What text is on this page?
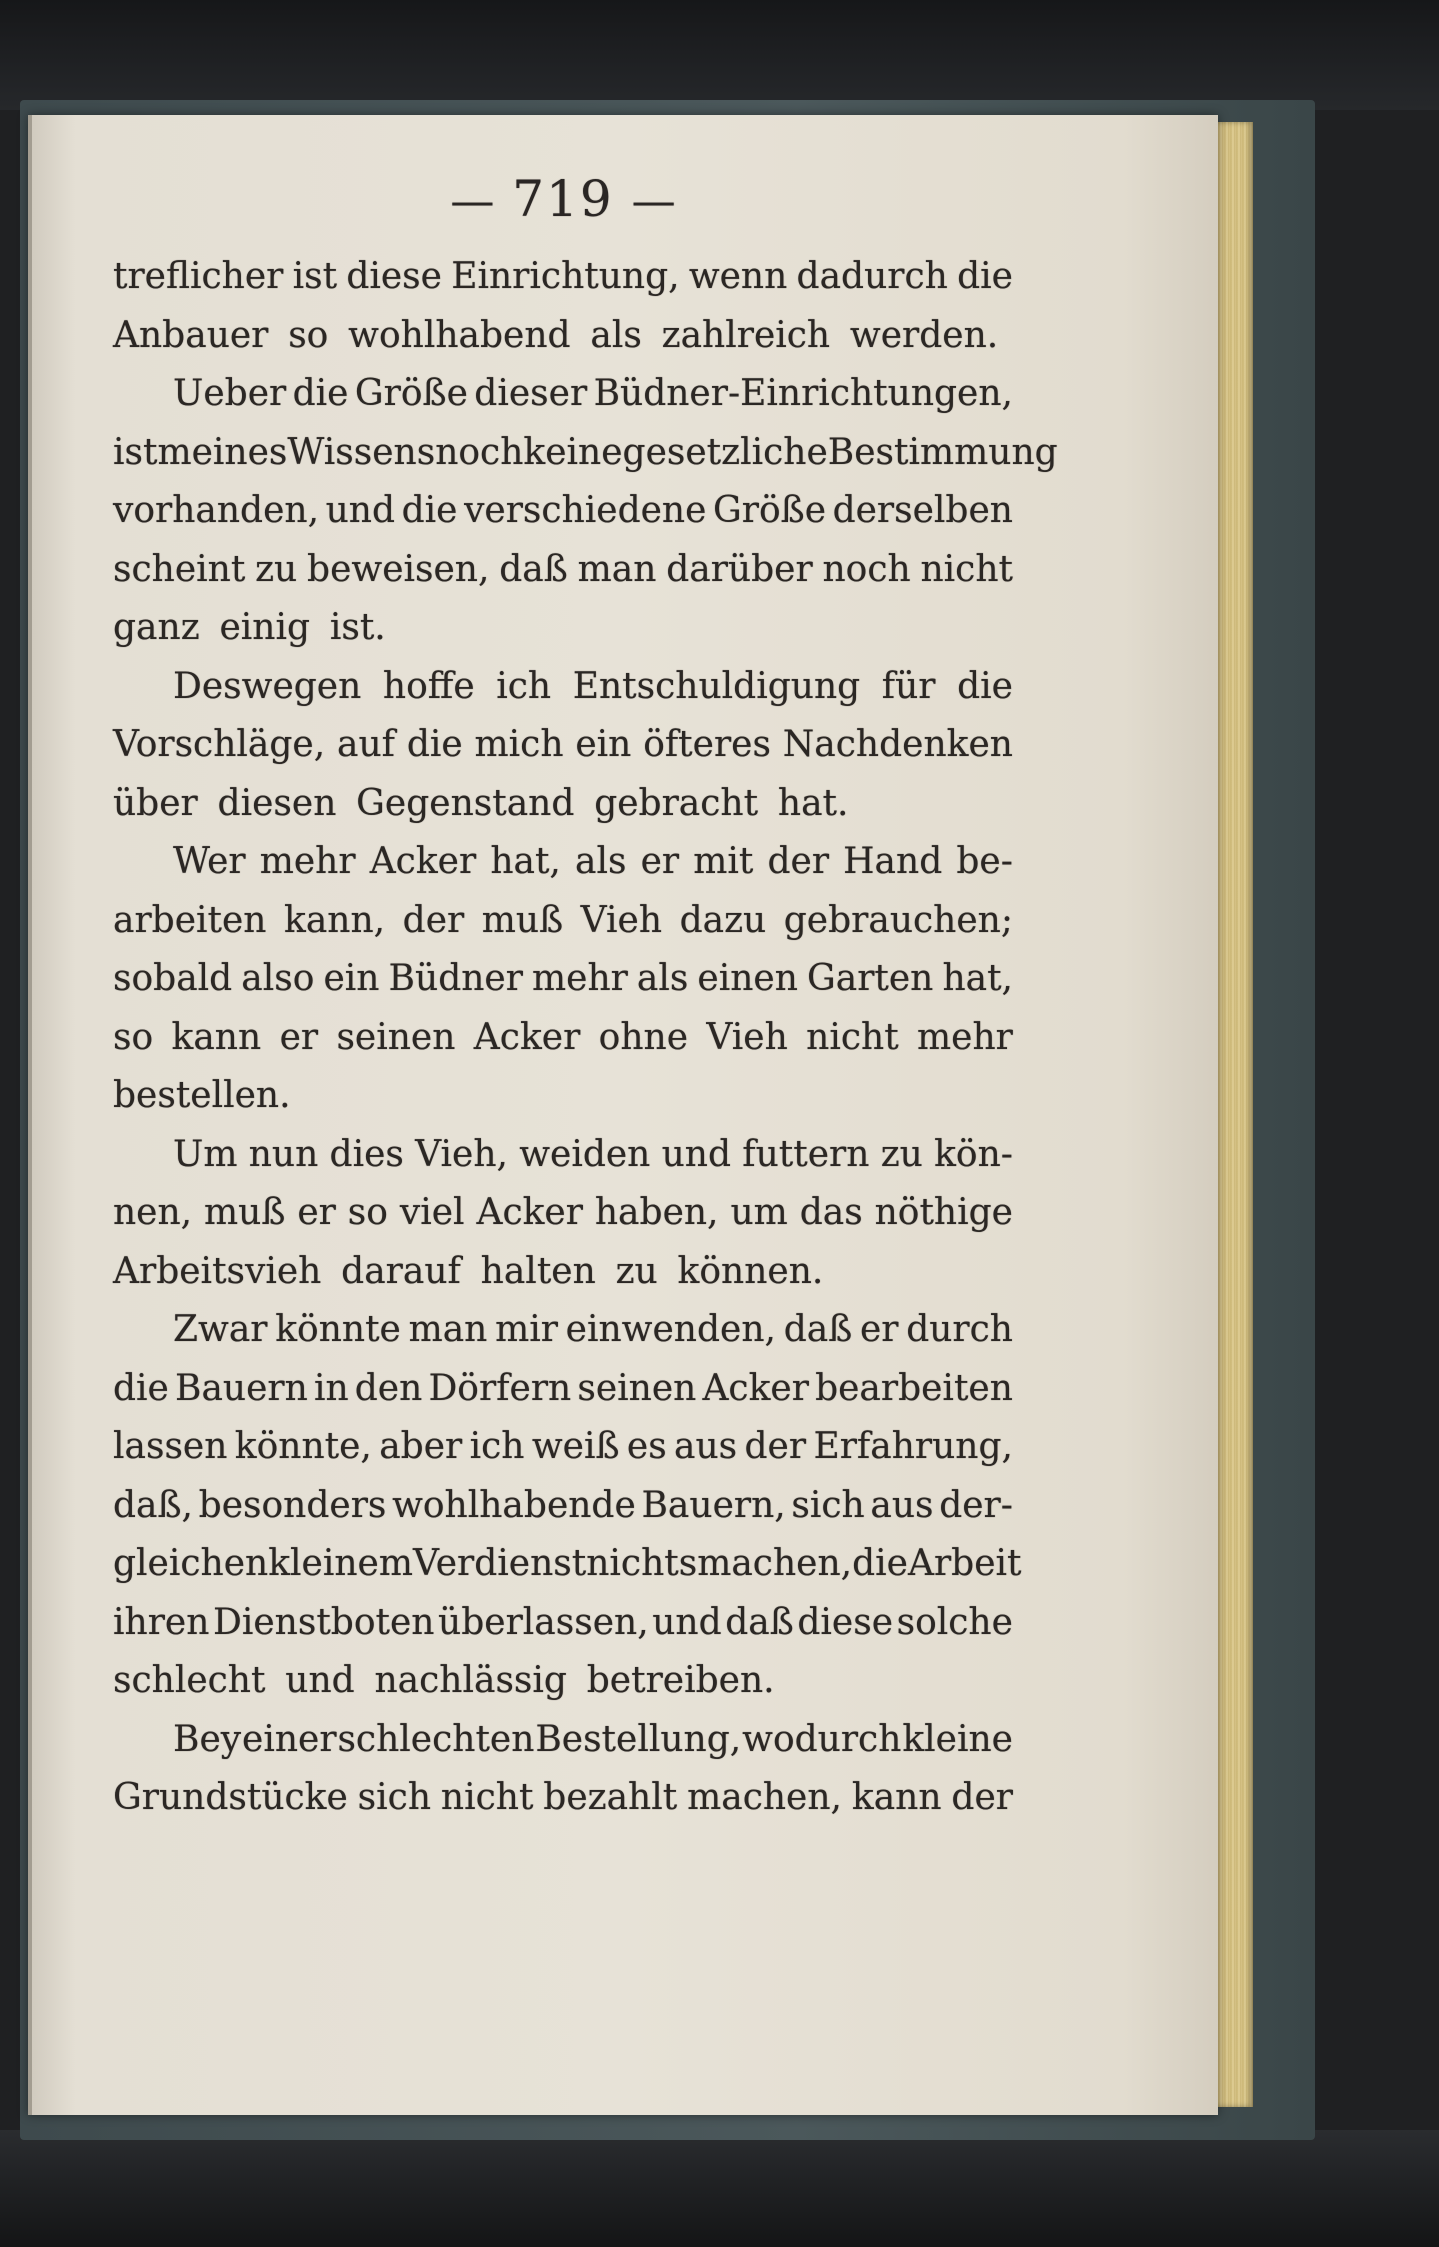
— 719 —
treflicher ist diese Einrichtung, wenn dadurch die
Anbauer so wohlhabend als zahlreich werden.
Ueber die Größe dieser Büdner-Einrichtungen,
ist meines Wissens noch keine gesetzliche Bestimmung
vorhanden, und die verschiedene Größe derselben
scheint zu beweisen, daß man darüber noch nicht
ganz einig ist.
Deswegen hoffe ich Entschuldigung für die
Vorschläge, auf die mich ein öfteres Nachdenken
über diesen Gegenstand gebracht hat.
Wer mehr Acker hat, als er mit der Hand be-
arbeiten kann, der muß Vieh dazu gebrauchen;
sobald also ein Büdner mehr als einen Garten hat,
so kann er seinen Acker ohne Vieh nicht mehr
bestellen.
Um nun dies Vieh, weiden und futtern zu kön-
nen, muß er so viel Acker haben, um das nöthige
Arbeitsvieh darauf halten zu können.
Zwar könnte man mir einwenden, daß er durch
die Bauern in den Dörfern seinen Acker bearbeiten
lassen könnte, aber ich weiß es aus der Erfahrung,
daß, besonders wohlhabende Bauern, sich aus der-
gleichen kleinem Verdienst nichts machen, die Arbeit
ihren Dienstboten überlassen, und daß diese solche
schlecht und nachlässig betreiben.
Bey einer schlechten Bestellung, wodurch kleine
Grundstücke sich nicht bezahlt machen, kann der
